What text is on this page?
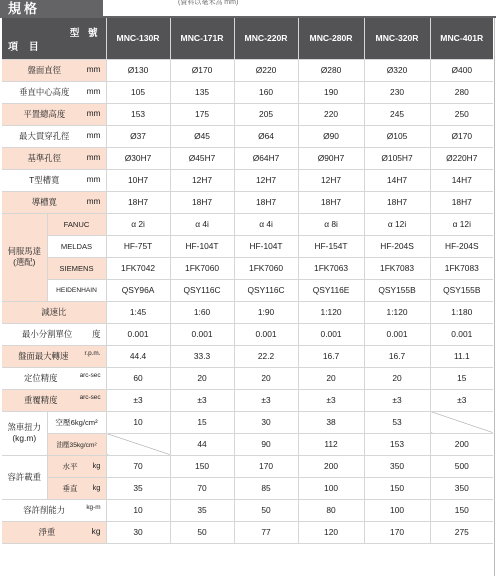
規格	(資料以毫米為 mm)
型 號
項 目		MNC-130R	MNC-171R	MNC-220R	MNC-280R	MNC-320R	MNC-401R
盤面直徑 mm		Ø130	Ø170	Ø220	Ø280	Ø320	Ø400
垂直中心高度 mm		105	135	160	190	230	280
平置總高度 mm		153	175	205	220	245	250
最大貫穿孔徑 mm		Ø37	Ø45	Ø64	Ø90	Ø105	Ø170
基準孔徑 mm		Ø30H7	Ø45H7	Ø64H7	Ø90H7	Ø105H7	Ø220H7
T型槽寬 mm		10H7	12H7	12H7	12H7	14H7	14H7
導槽寬 mm		18H7	18H7	18H7	18H7	18H7	18H7

伺服馬達
(選配)	FANUC	α 2i	α 4i	α 4i	α 8i	α 12i	α 12i
	MELDAS	HF-75T	HF-104T	HF-104T	HF-154T	HF-204S	HF-204S
	SIEMENS	1FK7042	1FK7060	1FK7060	1FK7063	1FK7083	1FK7083
	HEIDENHAIN	QSY96A	QSY116C	QSY116C	QSY116E	QSY155B	QSY155B
減速比		1:45	1:60	1:90	1:120	1:120	1:180
最小分割單位 度		0.001	0.001	0.001	0.001	0.001	0.001
盤面最大轉速 r.p.m.		44.4	33.3	22.2	16.7	16.7	11.1
定位精度 arc-sec		60	20	20	20	20	15
重覆精度 arc-sec		±3	±3	±3	±3	±3	±3

煞車扭力
(kg.m)	空壓6kg/cm²	10	15	30	38	53	
	油壓35kg/cm²		44	90	112	153	200
容許載重	水平 kg	70	150	170	200	350	500
	垂直 kg	35	70	85	100	150	350
容許削能力 kg-m		10	35	50	80	100	150
淨重 kg		30	50	77	120	170	275
